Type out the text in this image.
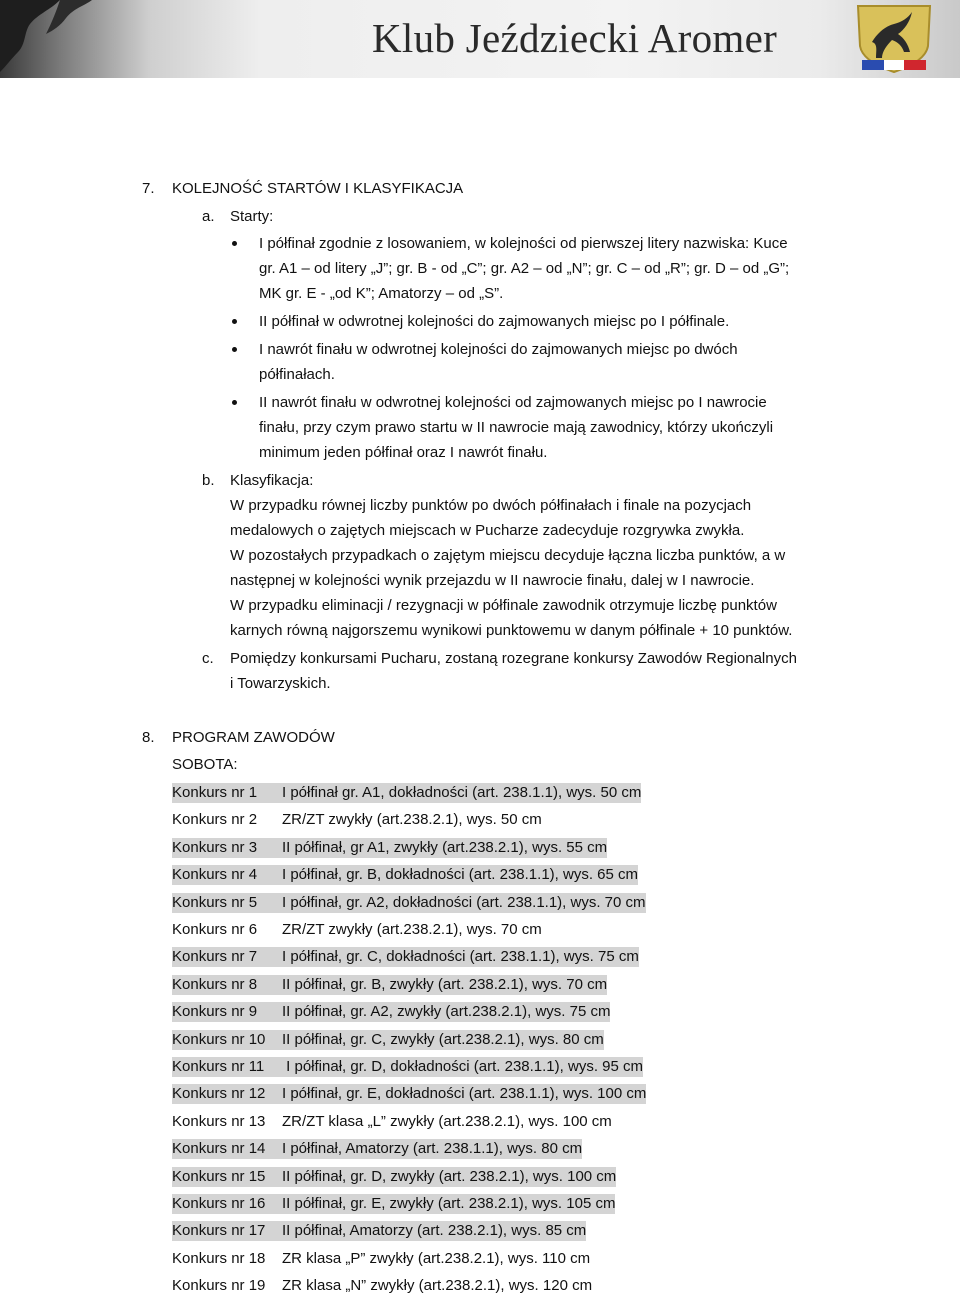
Klub Jeździecki Aromer
7. KOLEJNOŚĆ STARTÓW I KLASYFIKACJA
a. Starty:
I półfinał zgodnie z losowaniem, w kolejności od pierwszej litery nazwiska: Kuce
gr. A1 – od litery „J”; gr. B - od „C”; gr. A2 – od „N”; gr. C – od „R”; gr. D – od „G”;
MK gr. E - „od K”; Amatorzy – od „S”.
II półfinał w odwrotnej kolejności do zajmowanych miejsc po I półfinale.
I nawrót finału w odwrotnej kolejności do zajmowanych miejsc po dwóch
półfinałach.
II nawrót finału w odwrotnej kolejności od zajmowanych miejsc po I nawrocie
finału, przy czym prawo startu w II nawrocie mają zawodnicy, którzy ukończyli
minimum jeden półfinał oraz I nawrót finału.
b. Klasyfikacja:
W przypadku równej liczby punktów po dwóch półfinałach i finale na pozycjach
medalowych o zajętych miejscach w Pucharze zadecyduje rozgrywka zwykła.
W pozostałych przypadkach o zajętym miejscu decyduje łączna liczba punktów, a w
następnej w kolejności wynik przejazdu w II nawrocie finału, dalej w I nawrocie.
W przypadku eliminacji / rezygnacji w półfinale zawodnik otrzymuje liczbę punktów
karnych równą najgorszemu wynikowi punktowemu w danym półfinale + 10 punktów.
c. Pomiędzy konkursami Pucharu, zostaną rozegrane konkursy Zawodów Regionalnych
i Towarzyskich.
8. PROGRAM ZAWODÓW
SOBOTA:
Konkurs nr 1 I półfinał gr. A1, dokładności (art. 238.1.1), wys. 50 cm
Konkurs nr 2 ZR/ZT zwykły (art.238.2.1), wys. 50 cm
Konkurs nr 3 II półfinał, gr A1, zwykły (art.238.2.1), wys. 55 cm
Konkurs nr 4 I półfinał, gr. B, dokładności (art. 238.1.1), wys. 65 cm
Konkurs nr 5 I półfinał, gr. A2, dokładności (art. 238.1.1), wys. 70 cm
Konkurs nr 6 ZR/ZT zwykły (art.238.2.1), wys. 70 cm
Konkurs nr 7 I półfinał, gr. C, dokładności (art. 238.1.1), wys. 75 cm
Konkurs nr 8 II półfinał, gr. B, zwykły (art. 238.2.1), wys. 70 cm
Konkurs nr 9 II półfinał, gr. A2, zwykły (art.238.2.1), wys. 75 cm
Konkurs nr 10 II półfinał, gr. C, zwykły (art.238.2.1), wys. 80 cm
Konkurs nr 11 I półfinał, gr. D, dokładności (art. 238.1.1), wys. 95 cm
Konkurs nr 12 I półfinał, gr. E, dokładności (art. 238.1.1), wys. 100 cm
Konkurs nr 13 ZR/ZT klasa „L” zwykły (art.238.2.1), wys. 100 cm
Konkurs nr 14 I półfinał, Amatorzy (art. 238.1.1), wys. 80 cm
Konkurs nr 15 II półfinał, gr. D, zwykły (art. 238.2.1), wys. 100 cm
Konkurs nr 16 II półfinał, gr. E, zwykły (art. 238.2.1), wys. 105 cm
Konkurs nr 17 II półfinał, Amatorzy (art. 238.2.1), wys. 85 cm
Konkurs nr 18 ZR klasa „P” zwykły (art.238.2.1), wys. 110 cm
Konkurs nr 19 ZR klasa „N” zwykły (art.238.2.1), wys. 120 cm
